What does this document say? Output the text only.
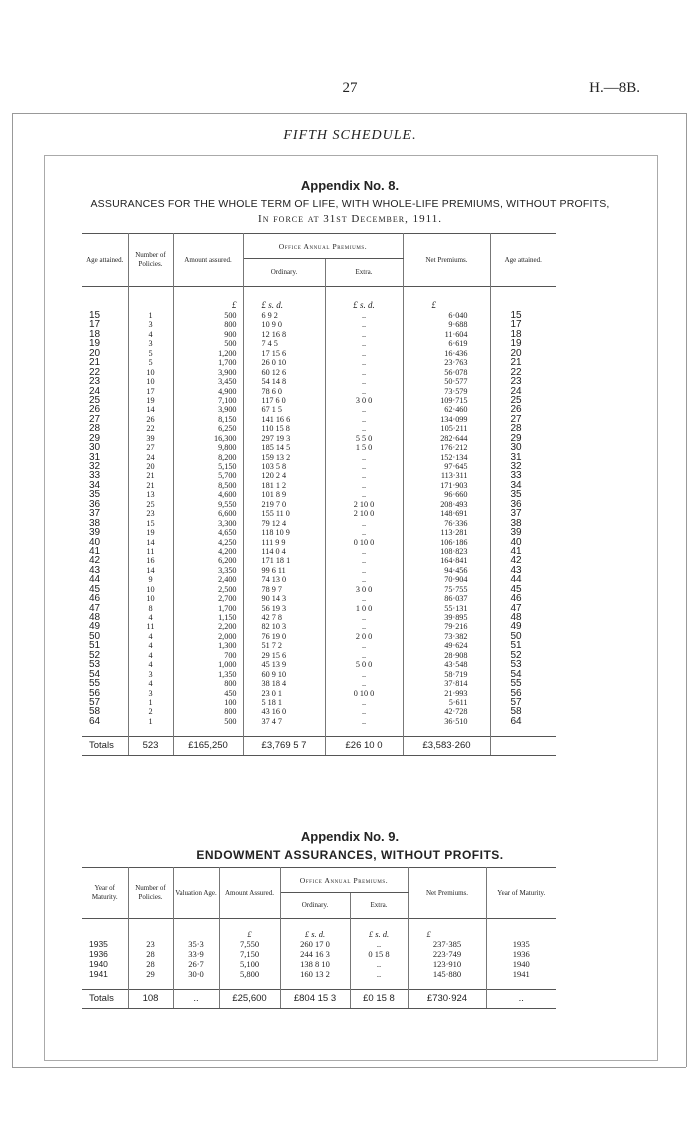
27	H.—8B.
FIFTH SCHEDULE.
Appendix No. 8.
ASSURANCES FOR THE WHOLE TERM OF LIFE, WITH WHOLE-LIFE PREMIUMS, WITHOUT PROFITS,
In force at 31st December, 1911.
Age attained.	Number of Policies.	Amount assured.	Office Annual Premiums.		Net Premiums.	Age attained.
			Ordinary.	Extra.		

		£	£ s. d.	£ s. d.	£	
15	1	500	6 9 2	..	6·040	15
17	3	800	10 9 0	..	9·688	17
18	4	900	12 16 8	..	11·604	18
19	3	500	7 4 5	..	6·619	19
20	5	1,200	17 15 6	..	16·436	20
21	5	1,700	26 0 10	..	23·763	21
22	10	3,900	60 12 6	..	56·078	22
23	10	3,450	54 14 8	..	50·577	23
24	17	4,900	78 6 0	..	73·579	24
25	19	7,100	117 6 0	3 0 0	109·715	25
26	14	3,900	67 1 5	..	62·460	26
27	26	8,150	141 16 6	..	134·099	27
28	22	6,250	110 15 8	..	105·211	28
29	39	16,300	297 19 3	5 5 0	282·644	29
30	27	9,800	185 14 5	1 5 0	176·212	30
31	24	8,200	159 13 2	..	152·134	31
32	20	5,150	103 5 8	..	97·645	32
33	21	5,700	120 2 4	..	113·311	33
34	21	8,500	181 1 2	..	171·903	34
35	13	4,600	101 8 9	..	96·660	35
36	25	9,550	219 7 0	2 10 0	208·493	36
37	23	6,600	155 11 0	2 10 0	148·691	37
38	15	3,300	79 12 4	..	76·336	38
39	19	4,650	118 10 9	..	113·281	39
40	14	4,250	111 9 9	0 10 0	106·186	40
41	11	4,200	114 0 4	..	108·823	41
42	16	6,200	171 18 1	..	164·841	42
43	14	3,350	99 6 11	..	94·456	43
44	9	2,400	74 13 0	..	70·904	44
45	10	2,500	78 9 7	3 0 0	75·755	45
46	10	2,700	90 14 3	..	86·037	46
47	8	1,700	56 19 3	1 0 0	55·131	47
48	4	1,150	42 7 8	..	39·895	48
49	11	2,200	82 10 3	..	79·216	49
50	4	2,000	76 19 0	2 0 0	73·382	50
51	4	1,300	51 7 2	..	49·624	51
52	4	700	29 15 6	..	28·908	52
53	4	1,000	45 13 9	5 0 0	43·548	53
54	3	1,350	60 9 10	..	58·719	54
55	4	800	38 18 4	..	37·814	55
56	3	450	23 0 1	0 10 0	21·993	56
57	1	100	5 18 1	..	5·611	57
58	2	800	43 16 0	..	42·728	58
64	1	500	37 4 7	..	36·510	64

Totals	523	£165,250	£3,769 5 7	£26 10 0	£3,583·260	
Appendix No. 9.
ENDOWMENT ASSURANCES, WITHOUT PROFITS.
Year of Maturity.	Number of Policies.	Valuation Age.	Amount Assured.	Office Annual Premiums.		Net Premiums.	Year of Maturity.
				Ordinary.	Extra.		

			£	£ s. d.	£ s. d.	£	
1935	23	35·3	7,550	260 17 0	..	237·385	1935
1936	28	33·9	7,150	244 16 3	0 15 8	223·749	1936
1940	28	26·7	5,100	138 8 10	..	123·910	1940
1941	29	30·0	5,800	160 13 2	..	145·880	1941

Totals	108	..	£25,600	£804 15 3	£0 15 8	£730·924	..
